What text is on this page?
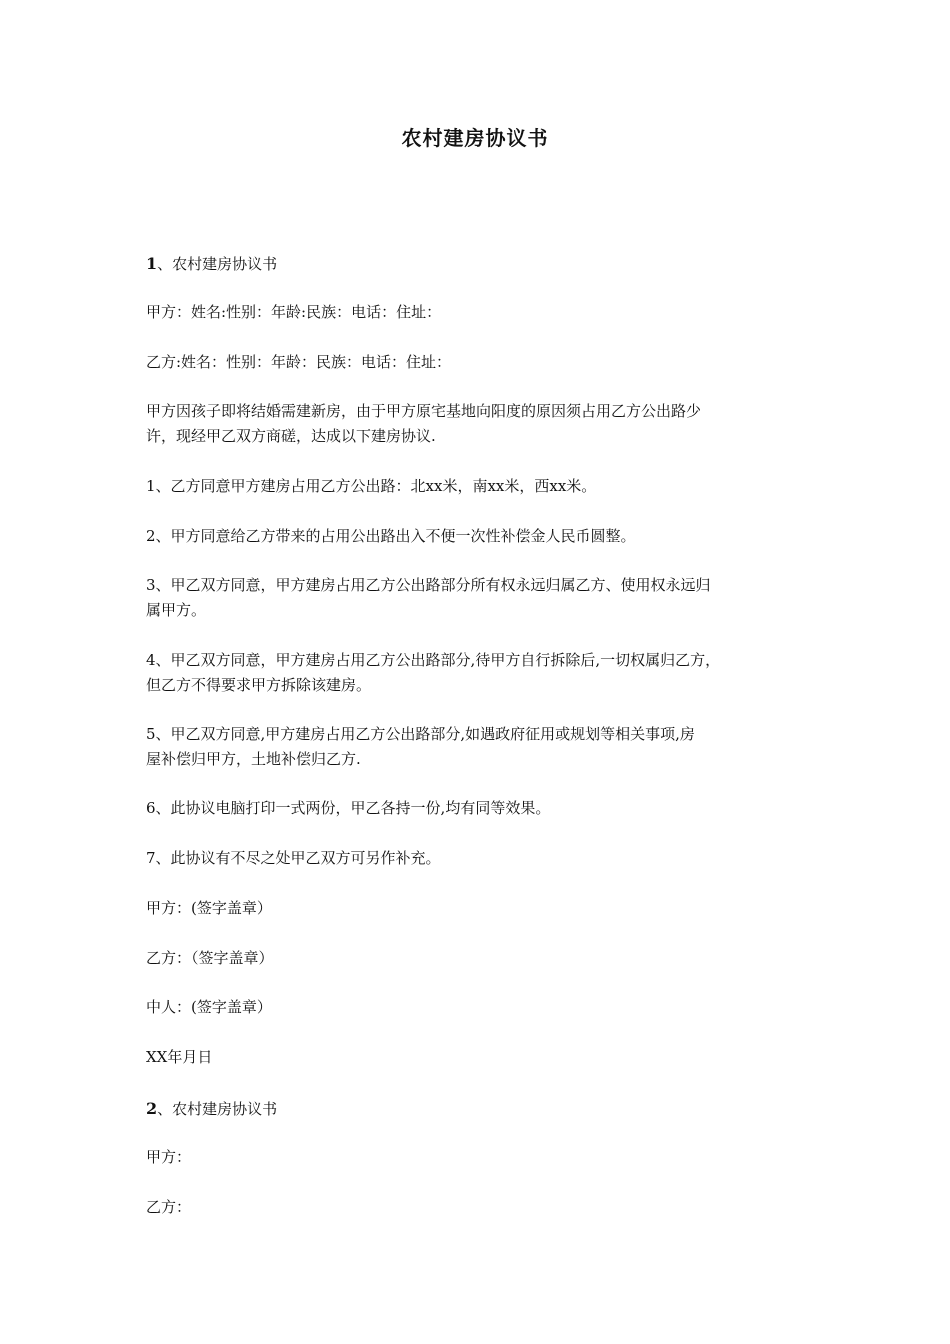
农村建房协议书
1、农村建房协议书
甲方：姓名:性别：年龄:民族：电话：住址：
乙方:姓名：性别：年龄：民族：电话：住址：
甲方因孩子即将结婚需建新房，由于甲方原宅基地向阳度的原因须占用乙方公出路少
许，现经甲乙双方商磋，达成以下建房协议.
1、乙方同意甲方建房占用乙方公出路：北xx米，南xx米，西xx米。
2、甲方同意给乙方带来的占用公出路出入不便一次性补偿金人民币圆整。
3、甲乙双方同意，甲方建房占用乙方公出路部分所有权永远归属乙方、使用权永远归
属甲方。
4、甲乙双方同意，甲方建房占用乙方公出路部分,待甲方自行拆除后,一切权属归乙方，
但乙方不得要求甲方拆除该建房。
5、甲乙双方同意,甲方建房占用乙方公出路部分,如遇政府征用或规划等相关事项,房
屋补偿归甲方，土地补偿归乙方.
6、此协议电脑打印一式两份，甲乙各持一份,均有同等效果。
7、此协议有不尽之处甲乙双方可另作补充。
甲方：(签字盖章）
乙方：（签字盖章）
中人：(签字盖章）
XX年月日
2、农村建房协议书
甲方：
乙方：
